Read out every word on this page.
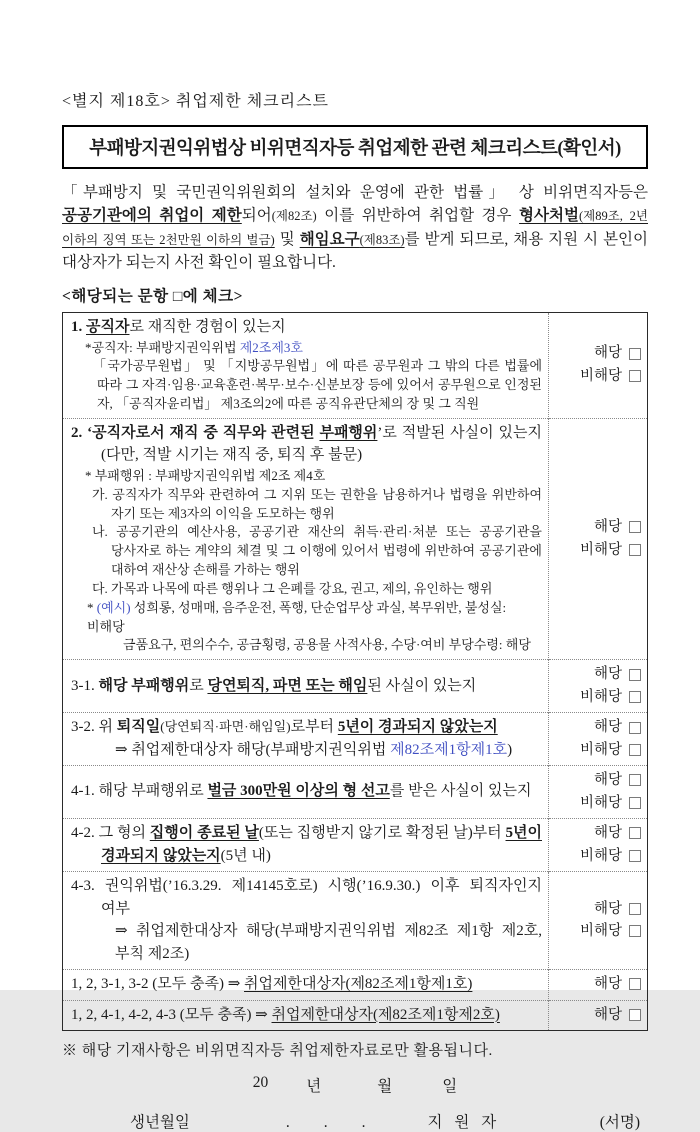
<별지 제18호> 취업제한 체크리스트
부패방지권익위법상 비위면직자등 취업제한 관련 체크리스트(확인서)
「부패방지 및 국민권익위원회의 설치와 운영에 관한 법률」 상 비위면직자등은 공공기관에의 취업이 제한되어(제82조) 이를 위반하여 취업할 경우 형사처벌(제89조, 2년 이하의 징역 또는 2천만원 이하의 벌금) 및 해임요구(제83조)를 받게 되므로, 채용 지원 시 본인이 대상자가 되는지 사전 확인이 필요합니다.
<해당되는 문항 □에 체크>
1. 공직자로 재직한 경험이 있는지
*공직자: 부패방지권익위법 제2조제3호
「국가공무원법」 및 「지방공무원법」에 따른 공무원과 그 밖의 다른 법률에 따라 그 자격·임용·교육훈련·복무·보수·신분보장 등에 있어서 공무원으로 인정된 자, 「공직자윤리법」 제3조의2에 따른 공직유관단체의 장 및 그 직원

해당
비해당

2. ‘공직자로서 재직 중 직무와 관련된 부패행위’로 적발된 사실이 있는지 (다만, 적발 시기는 재직 중, 퇴직 후 불문)
* 부패행위 : 부패방지권익위법 제2조 제4호
가. 공직자가 직무와 관련하여 그 지위 또는 권한을 남용하거나 법령을 위반하여 자기 또는 제3자의 이익을 도모하는 행위
나. 공공기관의 예산사용, 공공기관 재산의 취득·관리·처분 또는 공공기관을 당사자로 하는 계약의 체결 및 그 이행에 있어서 법령에 위반하여 공공기관에 대하여 재산상 손해를 가하는 행위
다. 가목과 나목에 따른 행위나 그 은폐를 강요, 권고, 제의, 유인하는 행위
* (예시) 성희롱, 성매매, 음주운전, 폭행, 단순업무상 과실, 복무위반, 불성실: 비해당
금품요구, 편의수수, 공금횡령, 공용물 사적사용, 수당·여비 부당수령: 해당

해당
비해당

3-1. 해당 부패행위로 당연퇴직, 파면 또는 해임된 사실이 있는지	해당
비해당

3-2. 위 퇴직일(당연퇴직·파면·해임일)로부터 5년이 경과되지 않았는지
⇒ 취업제한대상자 해당(부패방지권익위법 제82조제1항제1호)

해당
비해당

4-1. 해당 부패행위로 벌금 300만원 이상의 형 선고를 받은 사실이 있는지	해당
비해당

4-2. 그 형의 집행이 종료된 날(또는 집행받지 않기로 확정된 날)부터 5년이 경과되지 않았는지(5년 내)	해당
비해당

4-3. 권익위법(’16.3.29. 제14145호로) 시행(’16.9.30.) 이후 퇴직자인지 여부
⇒ 취업제한대상자 해당(부패방지권익위법 제82조 제1항 제2호, 부칙 제2조)

해당
비해당

1, 2, 3-1, 3-2 (모두 충족) ⇒ 취업제한대상자(제82조제1항제1호)	해당

1, 2, 4-1, 4-2, 4-3 (모두 충족) ⇒ 취업제한대상자(제82조제1항제2호)	해당
※ 해당 기재사항은 비위면직자등 취업제한자료로만 활용됩니다.
20 년	월	일
생년월일	. . .	지 원 자	(서명)
